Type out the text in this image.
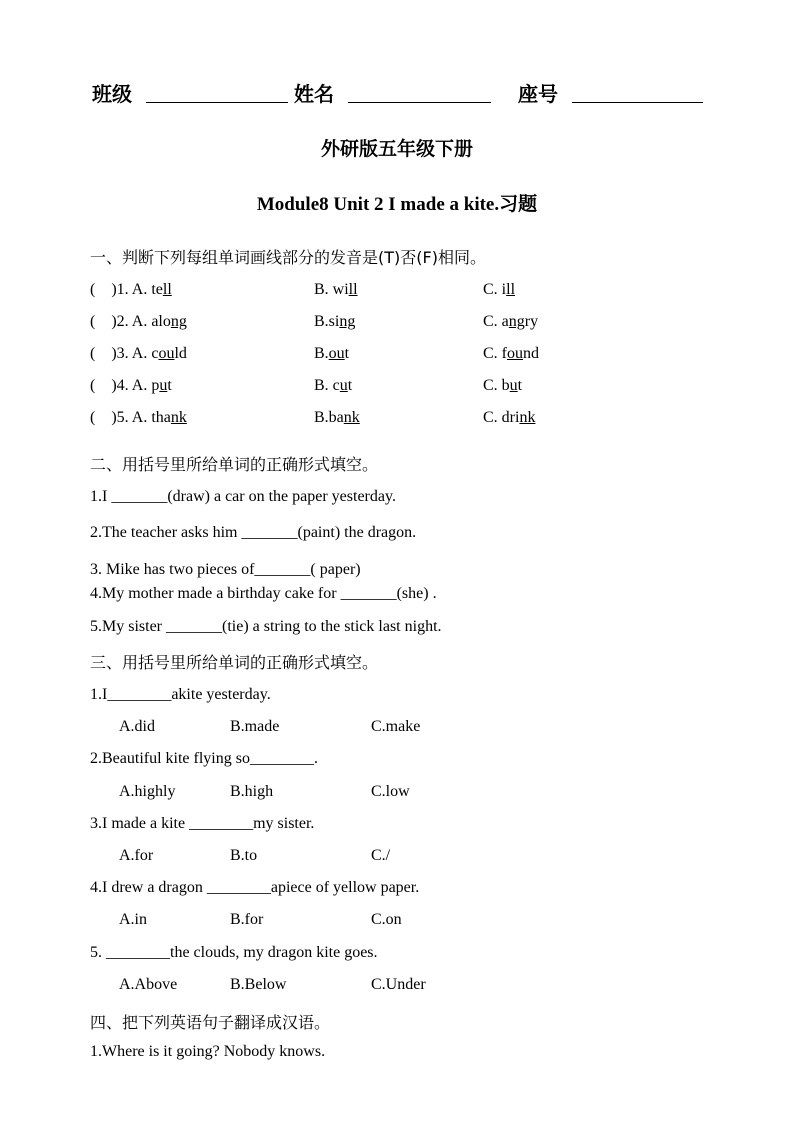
班级	姓名	座号
外研版五年级下册
Module8 Unit 2 I made a kite.习题
一、判断下列每组单词画线部分的发音是(T)否(F)相同。
(    )1. A. tell	B. will	C. ill
(    )2. A. along	B.sing	C. angry
(    )3. A. could	B.out	C. found
(    )4. A. put	B. cut	C. but
(    )5. A. thank	B.bank	C. drink
二、用括号里所给单词的正确形式填空。
1.I _______(draw) a car on the paper yesterday.
2.The teacher asks him _______(paint) the dragon.
3. Mike has two pieces of_______( paper)
4.My mother made a birthday cake for _______(she) .
5.My sister _______(tie) a string to the stick last night.
三、用括号里所给单词的正确形式填空。
1.I________akite yesterday.
A.did	B.made	C.make
2.Beautiful kite flying so________.
A.highly	B.high	C.low
3.I made a kite ________my sister.
A.for	B.to	C./
4.I drew a dragon ________apiece of yellow paper.
A.in	B.for	C.on
5. ________the clouds, my dragon kite goes.
A.Above	B.Below	C.Under
四、把下列英语句子翻译成汉语。
1.Where is it going? Nobody knows.
